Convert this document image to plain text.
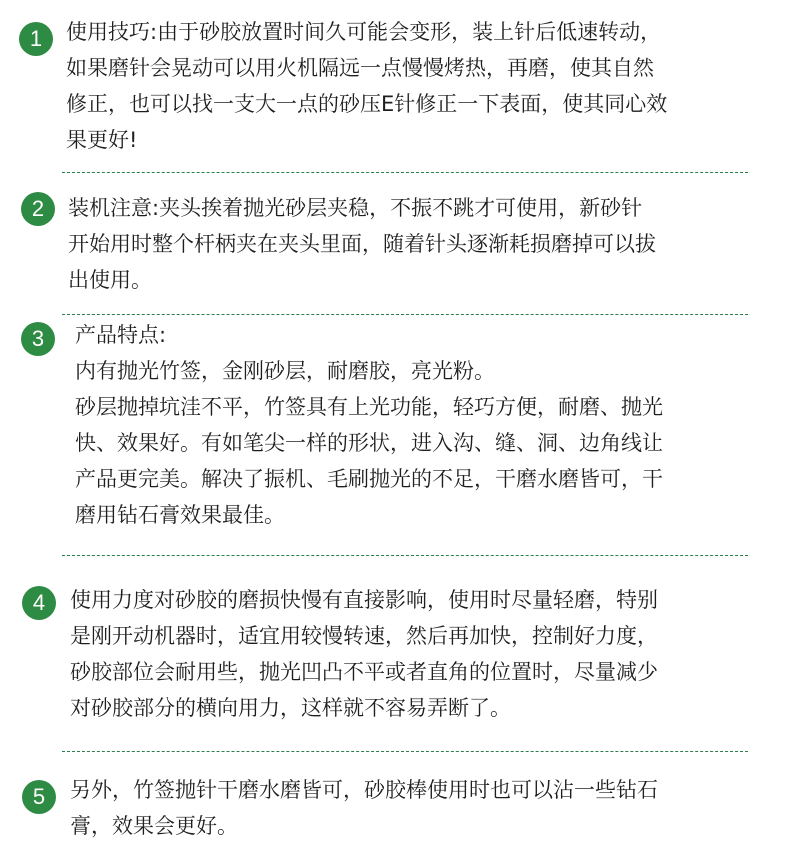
1	使用技巧:由于砂胶放置时间久可能会变形，装上针后低速转动，

如果磨针会晃动可以用火机隔远一点慢慢烤热，再磨，使其自然

修正，也可以找一支大一点的砂压E针修正一下表面，使其同心效

果更好!

2	装机注意:夹头挨着抛光砂层夹稳，不振不跳才可使用，新砂针

开始用时整个杆柄夹在夹头里面，随着针头逐渐耗损磨掉可以拔

出使用。

3	产品特点:

内有抛光竹签，金刚砂层，耐磨胶，亮光粉。

砂层抛掉坑洼不平，竹签具有上光功能，轻巧方便，耐磨、抛光

快、效果好。有如笔尖一样的形状，进入沟、缝、洞、边角线让

产品更完美。解决了振机、毛刷抛光的不足，干磨水磨皆可，干

磨用钻石膏效果最佳。

4	使用力度对砂胶的磨损快慢有直接影响，使用时尽量轻磨，特别

是刚开动机器时，适宜用较慢转速，然后再加快，控制好力度，

砂胶部位会耐用些，抛光凹凸不平或者直角的位置时，尽量减少

对砂胶部分的横向用力，这样就不容易弄断了。

5	另外，竹签抛针干磨水磨皆可，砂胶棒使用时也可以沾一些钻石

膏，效果会更好。
